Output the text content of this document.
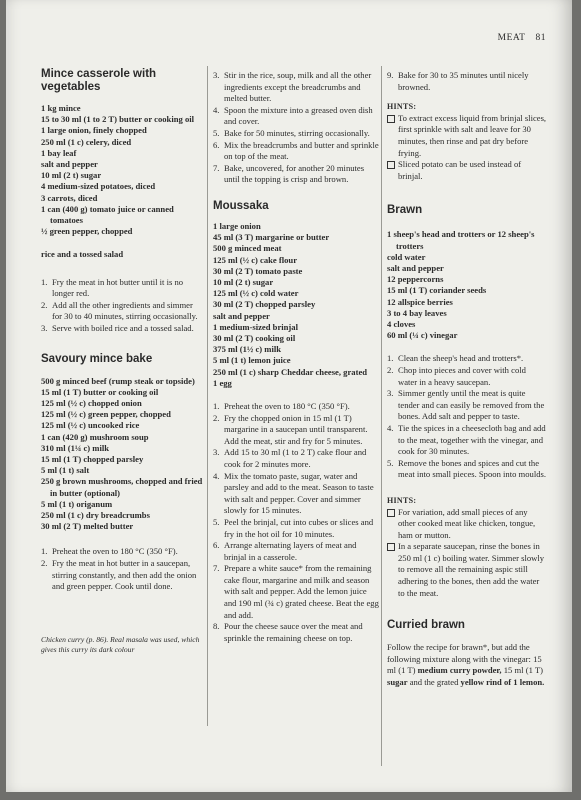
MEAT 81
Mince casserole with vegetables
1 kg mince
15 to 30 ml (1 to 2 T) butter or cooking oil
1 large onion, finely chopped
250 ml (1 c) celery, diced
1 bay leaf
salt and pepper
10 ml (2 t) sugar
4 medium-sized potatoes, diced
3 carrots, diced
1 can (400 g) tomato juice or canned tomatoes
½ green pepper, chopped

rice and a tossed salad

1. Fry the meat in hot butter until it is no longer red.
2. Add all the other ingredients and simmer for 30 to 40 minutes, stirring occasionally.
3. Serve with boiled rice and a tossed salad.
Savoury mince bake
500 g minced beef (rump steak or topside)
15 ml (1 T) butter or cooking oil
125 ml (½ c) chopped onion
125 ml (½ c) green pepper, chopped
125 ml (½ c) uncooked rice
1 can (420 g) mushroom soup
310 ml (1¼ c) milk
15 ml (1 T) chopped parsley
5 ml (1 t) salt
250 g brown mushrooms, chopped and fried in butter (optional)
5 ml (1 t) origanum
250 ml (1 c) dry breadcrumbs
30 ml (2 T) melted butter
1. Preheat the oven to 180 °C (350 °F).
2. Fry the meat in hot butter in a saucepan, stirring constantly, and then add the onion and green pepper. Cook until done.

Chicken curry (p. 86). Real masala was used, which gives this curry its dark colour

3. Stir in the rice, soup, milk and all the other ingredients except the breadcrumbs and melted butter.
4. Spoon the mixture into a greased oven dish and cover.
5. Bake for 50 minutes, stirring occasionally.
6. Mix the breadcrumbs and butter and sprinkle on top of the meat.
7. Bake, uncovered, for another 20 minutes until the topping is crisp and brown.
Moussaka
1 large onion
45 ml (3 T) margarine or butter
500 g minced meat
125 ml (½ c) cake flour
30 ml (2 T) tomato paste
10 ml (2 t) sugar
125 ml (½ c) cold water
30 ml (2 T) chopped parsley
salt and pepper
1 medium-sized brinjal
30 ml (2 T) cooking oil
375 ml (1½ c) milk
5 ml (1 t) lemon juice
250 ml (1 c) sharp Cheddar cheese, grated
1 egg
1. Preheat the oven to 180 °C (350 °F).
2. Fry the chopped onion in 15 ml (1 T) margarine in a saucepan until transparent. Add the meat, stir and fry for 5 minutes.
3. Add 15 to 30 ml (1 to 2 T) cake flour and cook for 2 minutes more.
4. Mix the tomato paste, sugar, water and parsley and add to the meat. Season to taste with salt and pepper. Cover and simmer slowly for 15 minutes.
5. Peel the brinjal, cut into cubes or slices and fry in the hot oil for 10 minutes.
6. Arrange alternating layers of meat and brinjal in a casserole.
7. Prepare a white sauce* from the remaining cake flour, margarine and milk and season with salt and pepper. Add the lemon juice and 190 ml (¾ c) grated cheese. Beat the egg and add.
8. Pour the cheese sauce over the meat and sprinkle the remaining cheese on top.
9. Bake for 30 to 35 minutes until nicely browned.
HINTS:
To extract excess liquid from brinjal slices, first sprinkle with salt and leave for 30 minutes, then rinse and pat dry before frying.
Sliced potato can be used instead of brinjal.
Brawn
1 sheep's head and trotters or 12 sheep's trotters
cold water
salt and pepper
12 peppercorns
15 ml (1 T) coriander seeds
12 allspice berries
3 to 4 bay leaves
4 cloves
60 ml (¼ c) vinegar
1. Clean the sheep's head and trotters*.
2. Chop into pieces and cover with cold water in a heavy saucepan.
3. Simmer gently until the meat is quite tender and can easily be removed from the bones. Add salt and pepper to taste.
4. Tie the spices in a cheesecloth bag and add to the meat, together with the vinegar, and cook for 30 minutes.
5. Remove the bones and spices and cut the meat into small pieces. Spoon into moulds.
HINTS:
For variation, add small pieces of any other cooked meat like chicken, tongue, ham or mutton.
In a separate saucepan, rinse the bones in 250 ml (1 c) boiling water. Simmer slowly to remove all the remaining aspic still adhering to the bones, then add the water to the meat.
Curried brawn

Follow the recipe for brawn*, but add the following mixture along with the vinegar: 15 ml (1 T) medium curry powder, 15 ml (1 T) sugar and the grated yellow rind of 1 lemon.
